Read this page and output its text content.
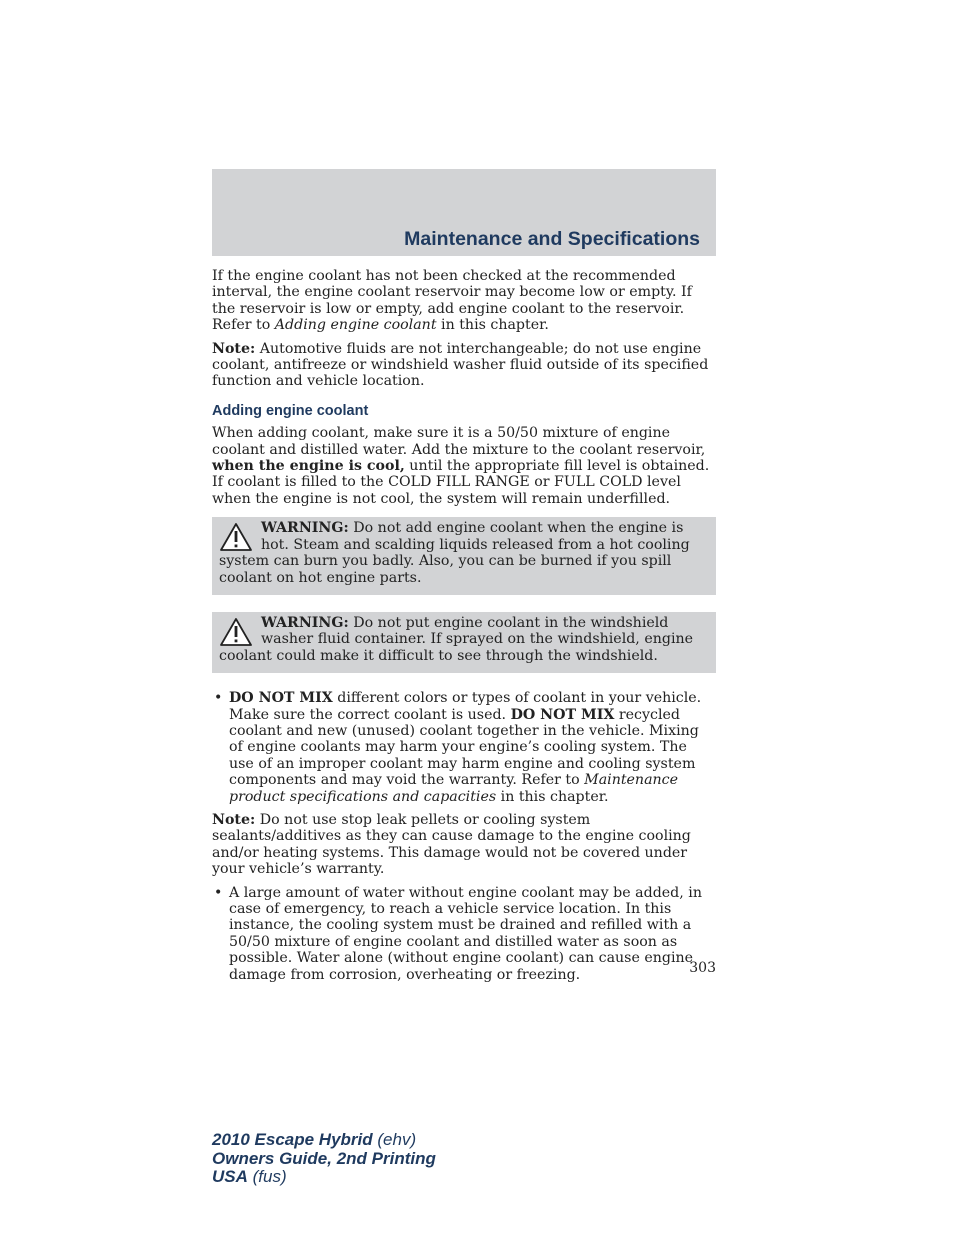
Maintenance and Specifications

If the engine coolant has not been checked at the recommended interval, the engine coolant reservoir may become low or empty. If the reservoir is low or empty, add engine coolant to the reservoir. Refer to Adding engine coolant in this chapter.

Note: Automotive fluids are not interchangeable; do not use engine coolant, antifreeze or windshield washer fluid outside of its specified function and vehicle location.

Adding engine coolant

When adding coolant, make sure it is a 50/50 mixture of engine coolant and distilled water. Add the mixture to the coolant reservoir, when the engine is cool, until the appropriate fill level is obtained. If coolant is filled to the COLD FILL RANGE or FULL COLD level when the engine is not cool, the system will remain underfilled.

WARNING: Do not add engine coolant when the engine is hot. Steam and scalding liquids released from a hot cooling system can burn you badly. Also, you can be burned if you spill coolant on hot engine parts.
WARNING: Do not put engine coolant in the windshield washer fluid container. If sprayed on the windshield, engine coolant could make it difficult to see through the windshield.
• DO NOT MIX different colors or types of coolant in your vehicle. Make sure the correct coolant is used. DO NOT MIX recycled coolant and new (unused) coolant together in the vehicle. Mixing of engine coolants may harm your engine’s cooling system. The use of an improper coolant may harm engine and cooling system components and may void the warranty. Refer to Maintenance product specifications and capacities in this chapter.

Note: Do not use stop leak pellets or cooling system sealants/additives as they can cause damage to the engine cooling and/or heating systems. This damage would not be covered under your vehicle’s warranty.

• A large amount of water without engine coolant may be added, in case of emergency, to reach a vehicle service location. In this instance, the cooling system must be drained and refilled with a 50/50 mixture of engine coolant and distilled water as soon as possible. Water alone (without engine coolant) can cause engine damage from corrosion, overheating or freezing.	303
2010 Escape Hybrid (ehv)
Owners Guide, 2nd Printing
USA (fus)
